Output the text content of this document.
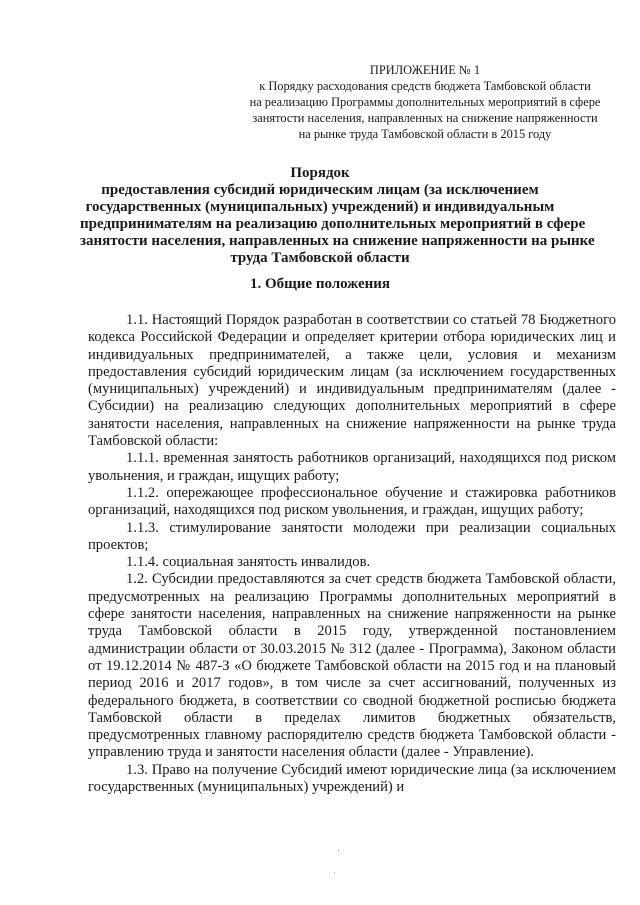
ПРИЛОЖЕНИЕ № 1
к Порядку расходования средств бюджета Тамбовской области
на реализацию Программы дополнительных мероприятий в сфере
занятости населения, направленных на снижение напряженности
на рынке труда Тамбовской области в 2015 году
Порядок
предоставления субсидий юридическим лицам (за исключением
государственных (муниципальных) учреждений) и индивидуальным
предпринимателям на реализацию дополнительных мероприятий в сфере
занятости населения, направленных на снижение напряженности на рынке
труда Тамбовской области
1. Общие положения

1.1. Настоящий Порядок разработан в соответствии со статьей 78 Бюджетного кодекса Российской Федерации и определяет критерии отбора юридических лиц и индивидуальных предпринимателей, а также цели, условия и механизм предоставления субсидий юридическим лицам (за исключением государственных (муниципальных) учреждений) и индивидуальным предпринимателям (далее - Субсидии) на реализацию следующих дополнительных мероприятий в сфере занятости населения, направленных на снижение напряженности на рынке труда Тамбовской области:

1.1.1. временная занятость работников организаций, находящихся под риском увольнения, и граждан, ищущих работу;

1.1.2. опережающее профессиональное обучение и стажировка работников организаций, находящихся под риском увольнения, и граждан, ищущих работу;

1.1.3. стимулирование занятости молодежи при реализации социальных проектов;

1.1.4. социальная занятость инвалидов.

1.2. Субсидии предоставляются за счет средств бюджета Тамбовской области, предусмотренных на реализацию Программы дополнительных мероприятий в сфере занятости населения, направленных на снижение напряженности на рынке труда Тамбовской области в 2015 году, утвержденной постановлением администрации области от 30.03.2015 № 312 (далее - Программа), Законом области от 19.12.2014 № 487-З «О бюджете Тамбовской области на 2015 год и на плановый период 2016 и 2017 годов», в том числе за счет ассигнований, полученных из федерального бюджета, в соответствии со сводной бюджетной росписью бюджета Тамбовской области в пределах лимитов бюджетных обязательств, предусмотренных главному распорядителю средств бюджета Тамбовской области - управлению труда и занятости населения области (далее - Управление).

1.3. Право на получение Субсидий имеют юридические лица (за исключением государственных (муниципальных) учреждений) и
